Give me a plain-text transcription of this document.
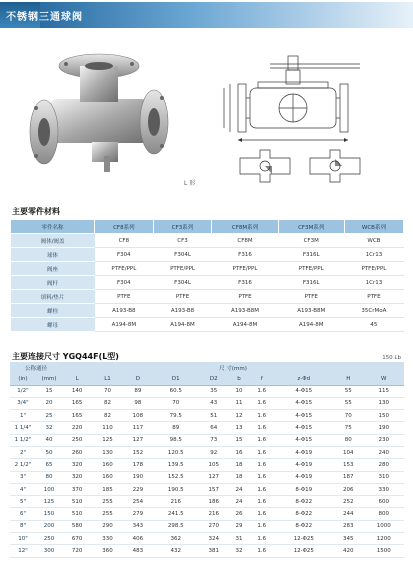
不锈钢三通球阀
L 形
主要零件材料
零件名称	CF8系列	CF3系列	CF8M系列	CF3M系列	WCB系列
阀体/阀盖	CF8	CF3	CF8M	CF3M	WCB
球体	F304	F304L	F316	F316L	1Cr13
阀座	PTFE/PPL	PTFE/PPL	PTFE/PPL	PTFE/PPL	PTFE/PPL
阀杆	F304	F304L	F316	F316L	1Cr13
填料/垫片	PTFE	PTFE	PTFE	PTFE	PTFE
螺栓	A193-B8	A193-B8	A193-B8M	A193-B8M	35CrMoA
螺母	A194-8M	A194-8M	A194-8M	A194-8M	45
主要连接尺寸 YGQ44F(L型)	150 Lb
公称通径		尺 寸(mm)									
(in)	(mm)	L	L1	D	D1	D2	b	f	z-Φd	H	W
1/2"	15	140	70	89	60.5	35	10	1.6	4-Φ15	55	115
3/4"	20	165	82	98	70	43	11	1.6	4-Φ15	55	130
1"	25	165	82	108	79.5	51	12	1.6	4-Φ15	70	150
1 1/4"	32	220	110	117	89	64	13	1.6	4-Φ15	75	190
1 1/2"	40	250	125	127	98.5	73	15	1.6	4-Φ15	80	230
2"	50	260	130	152	120.5	92	16	1.6	4-Φ19	104	240
2 1/2"	65	320	160	178	139.5	105	18	1.6	4-Φ19	153	280
3"	80	320	160	190	152.5	127	18	1.6	4-Φ19	187	310
4"	100	370	185	229	190.5	157	24	1.6	8-Φ19	206	330
5"	125	510	255	254	216	186	24	1.6	8-Φ22	252	600
6"	150	510	255	279	241.5	216	26	1.6	8-Φ22	244	800
8"	200	580	290	343	298.5	270	29	1.6	8-Φ22	283	1000
10"	250	670	330	406	362	324	31	1.6	12-Φ25	345	1200
12"	300	720	360	483	432	381	32	1.6	12-Φ25	420	1500
